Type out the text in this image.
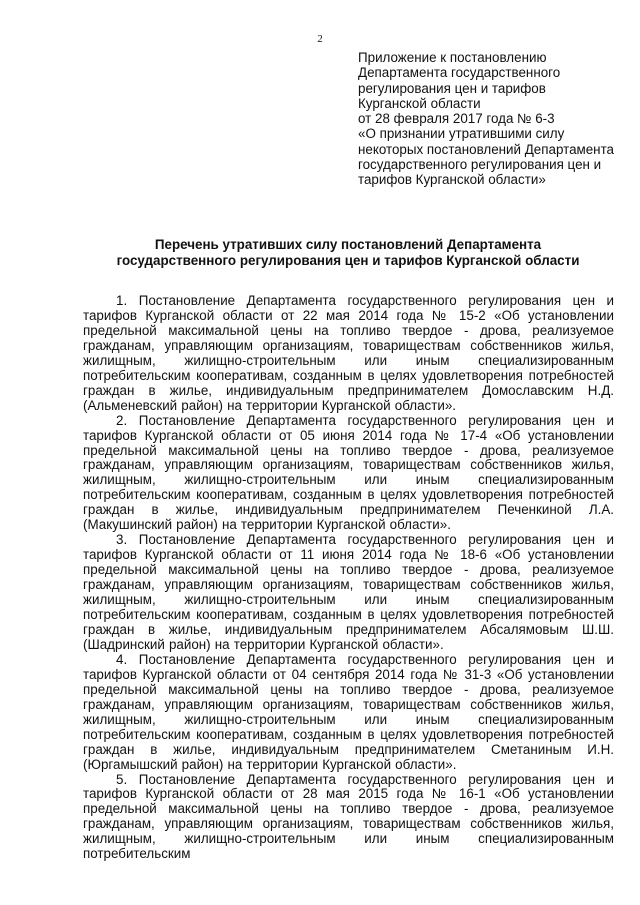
2
Приложение к постановлению
Департамента государственного
регулирования цен и тарифов
Курганской области
от 28 февраля 2017 года № 6-3
«О признании утратившими силу
некоторых постановлений Департамента
государственного регулирования цен и
тарифов Курганской области»
Перечень утративших силу постановлений Департамента
государственного регулирования цен и тарифов Курганской области

1. Постановление Департамента государственного регулирования цен и тарифов Курганской области от 22 мая 2014 года № 15-2 «Об установлении предельной максимальной цены на топливо твердое - дрова, реализуемое гражданам, управляющим организациям, товариществам собственников жилья, жилищным, жилищно-строительным или иным специализированным потребительским кооперативам, созданным в целях удовлетворения потребностей граждан в жилье, индивидуальным предпринимателем Домославским Н.Д. (Альменевский район) на территории Курганской области».

2. Постановление Департамента государственного регулирования цен и тарифов Курганской области от 05 июня 2014 года № 17-4 «Об установлении предельной максимальной цены на топливо твердое - дрова, реализуемое гражданам, управляющим организациям, товариществам собственников жилья, жилищным, жилищно-строительным или иным специализированным потребительским кооперативам, созданным в целях удовлетворения потребностей граждан в жилье, индивидуальным предпринимателем Печенкиной Л.А. (Макушинский район) на территории Курганской области».

3. Постановление Департамента государственного регулирования цен и тарифов Курганской области от 11 июня 2014 года № 18-6 «Об установлении предельной максимальной цены на топливо твердое - дрова, реализуемое гражданам, управляющим организациям, товариществам собственников жилья, жилищным, жилищно-строительным или иным специализированным потребительским кооперативам, созданным в целях удовлетворения потребностей граждан в жилье, индивидуальным предпринимателем Абсалямовым Ш.Ш. (Шадринский район) на территории Курганской области».

4. Постановление Департамента государственного регулирования цен и тарифов Курганской области от 04 сентября 2014 года № 31-3 «Об установлении предельной максимальной цены на топливо твердое - дрова, реализуемое гражданам, управляющим организациям, товариществам собственников жилья, жилищным, жилищно-строительным или иным специализированным потребительским кооперативам, созданным в целях удовлетворения потребностей граждан в жилье, индивидуальным предпринимателем Сметаниным И.Н. (Юргамышский район) на территории Курганской области».

5. Постановление Департамента государственного регулирования цен и тарифов Курганской области от 28 мая 2015 года № 16-1 «Об установлении предельной максимальной цены на топливо твердое - дрова, реализуемое гражданам, управляющим организациям, товариществам собственников жилья, жилищным, жилищно-строительным или иным специализированным потребительским
